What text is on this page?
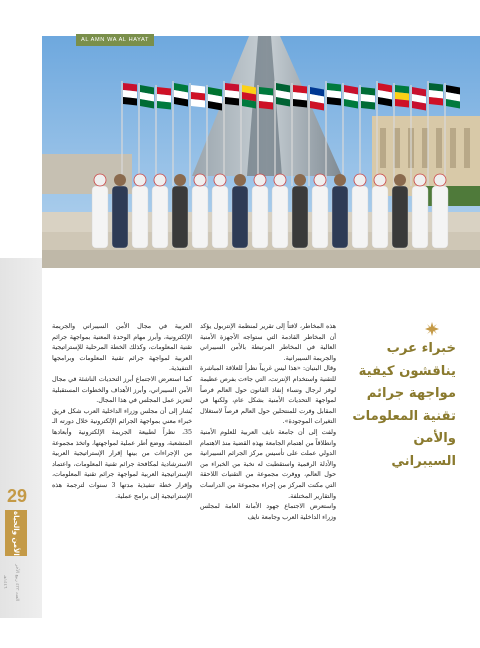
AL AMN WA AL HAYAT
29
الأمن والحياة
العدد ٤٣٣ ربيع الآخر ١٤٤٦هـ
خبراء عرب يناقشون كيفية مواجهة جرائم تقنية المعلومات والأمن السيبراني

هذه المخاطر، لافتاً إلى تقرير لمنظمة الإنتربول يؤكد أن المخاطر القادمة التي ستواجه الأجهزة الأمنية العالية في المخاطر المرتبطة بالأمن السيبراني والجريمة السيبرانية.

وقال البنيان: «هذا ليس غريباً نظراً للعلاقة المباشرة للتقنية واستخدام الإنترنت، التي جاءت بفرص عظيمة لوفر لرجال ونساء إنفاذ القانون حول العالم فرصاً لمواجهة التحديات الأمنية بشكل عام، ولكنها في المقابل وفرت للمنتحلين حول العالم فرصاً لاستغلال التغيرات الموجودة».

ولفت إلى أن جامعة نايف العربية للعلوم الأمنية وانطلاقاً من اهتمام الجامعة بهذه القضية منذ الاهتمام الدولي عملت على تأسيس مركز الجرائم السيبرانية والأدلة الرقمية واستقطبت له نخبة من الخبراء من حول العالم، ووفرت مجموعة من التقنيات اللاحقة التي مكنت المركز من إجراء مجموعة من الدراسات والتقارير المختلفة.

واستعرض الاجتماع جهود الأمانة العامة لمجلس وزراء الداخلية العرب وجامعة نايف

العربية في مجال الأمن السيبراني والجريمة الإلكترونية، وأبرز مهام الوحدة المعنية بمواجهة جرائم تقنية المعلومات، وكذلك الخطة المرحلية للإستراتيجية العربية لمواجهة جرائم تقنية المعلومات وبرامجها التنفيذية.

كما استعرض الاجتماع أبرز التحديات الناشئة في مجال الأمن السيبراني، وأبرز الأهداف والخطوات المستقبلية لتعزيز عمل المجلس في هذا المجال.

يُشار إلى أن مجلس وزراء الداخلية العرب شكل فريق خبراء معني بمواجهة الجرائم الإلكترونية خلال دورته الـ 35، نظراً لطبيعة الجريمة الإلكترونية وأبعادها المتشعبة، ووضع أطر عملية لمواجهتها، واتخذ مجموعة من الإجراءات من بينها إقرار الإستراتيجية العربية الاسترشادية لمكافحة جرائم تقنية المعلومات، واعتماد الإستراتيجية العربية لمواجهة جرائم تقنية المعلومات، وإقرار خطة تنفيذية مدتها 3 سنوات لترجمة هذه الإستراتيجية إلى برامج عملية.
